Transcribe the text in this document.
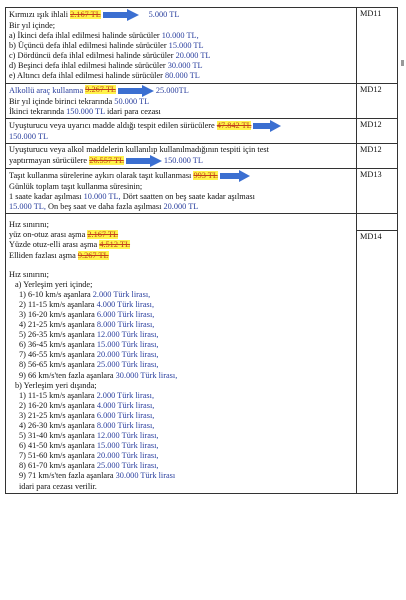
Kırmızı ışık ihlali 2.167 TL	5.000 TL
Bir yıl içinde;
a) İkinci defa ihlal edilmesi halinde sürücüler 10.000 TL,
b) Üçüncü defa ihlal edilmesi halinde sürücüler 15.000 TL
c) Dördüncü defa ihlal edilmesi halinde sürücüler 20.000 TL
d) Beşinci defa ihlal edilmesi halinde sürücüler 30.000 TL
e) Altıncı defa ihlal edilmesi halinde sürücüler 80.000 TL
MD11
Alkollü araç kullanma 9.267 TL	25.000TL
Bir yıl içinde birinci tekrarında 50.000 TL
İkinci tekrarında 150.000 TL idari para cezası
MD12
Uyuşturucu veya uyarıcı madde aldığı tespit edilen sürücülere 47.842 TL
150.000 TL
MD12
Uyuşturucu veya alkol maddelerin kullanılıp kullanılmadığının tespiti için test
yaptırmayan sürücülere 26.557 TL	150.000 TL
MD12
Taşıt kullanma sürelerine aykırı olarak taşıt kullanması 993 TL
Günlük toplam taşıt kullanma süresinin;
1 saate kadar aşılması 10.000 TL, Dört saatten on beş saate kadar aşılması
15.000 TL, On beş saat ve daha fazla aşılması 20.000 TL
MD13
Hız sınırını;
yüz on-otuz arası aşma 2.167 TL
Yüzde otuz-elli arası aşma 4.512 TL
Elliden fazlası aşma 9.267 TL
Hız sınırını;
a) Yerleşim yeri içinde;
1) 6-10 km/s aşanlara 2.000 Türk lirası,
2) 11-15 km/s aşanlara 4.000 Türk lirası,
3) 16-20 km/s aşanlara 6.000 Türk lirası,
4) 21-25 km/s aşanlara 8.000 Türk lirası,
5) 26-35 km/s aşanlara 12.000 Türk lirası,
6) 36-45 km/s aşanlara 15.000 Türk lirası,
7) 46-55 km/s aşanlara 20.000 Türk lirası,
8) 56-65 km/s aşanlara 25.000 Türk lirası,
9) 66 km/s'ten fazla aşanlara 30.000 Türk lirası,
b) Yerleşim yeri dışında;
1) 11-15 km/s aşanlara 2.000 Türk lirası,
2) 16-20 km/s aşanlara 4.000 Türk lirası,
3) 21-25 km/s aşanlara 6.000 Türk lirası,
4) 26-30 km/s aşanlara 8.000 Türk lirası,
5) 31-40 km/s aşanlara 12.000 Türk lirası,
6) 41-50 km/s aşanlara 15.000 Türk lirası,
7) 51-60 km/s aşanlara 20.000 Türk lirası,
8) 61-70 km/s aşanlara 25.000 Türk lirası,
9) 71 km/s'ten fazla aşanlara 30.000 Türk lirası
idari para cezası verilir.
MD14
